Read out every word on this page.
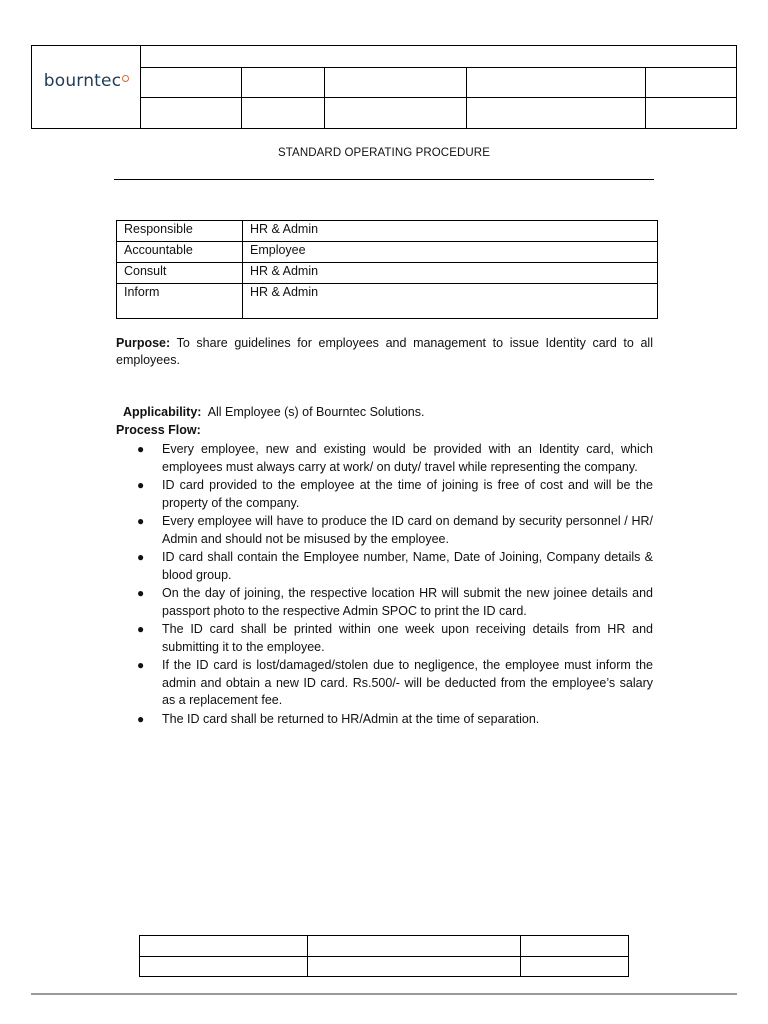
bourntec
STANDARD OPERATING PROCEDURE
Responsible	HR & Admin
Accountable	Employee
Consult	HR & Admin
Inform	HR & Admin
Purpose: To share guidelines for employees and management to issue Identity card to all employees.

Applicability:  All Employee (s) of Bourntec Solutions.

Process Flow:
● Every employee, new and existing would be provided with an Identity card, which employees must always carry at work/ on duty/ travel while representing the company.
● ID card provided to the employee at the time of joining is free of cost and will be the property of the company.
● Every employee will have to produce the ID card on demand by security personnel / HR/ Admin and should not be misused by the employee.
● ID card shall contain the Employee number, Name, Date of Joining, Company details & blood group.
● On the day of joining, the respective location HR will submit the new joinee details and passport photo to the respective Admin SPOC to print the ID card.
● The ID card shall be printed within one week upon receiving details from HR and submitting it to the employee.
● If the ID card is lost/damaged/stolen due to negligence, the employee must inform the admin and obtain a new ID card. Rs.500/- will be deducted from the employee’s salary as a replacement fee.
● The ID card shall be returned to HR/Admin at the time of separation.
